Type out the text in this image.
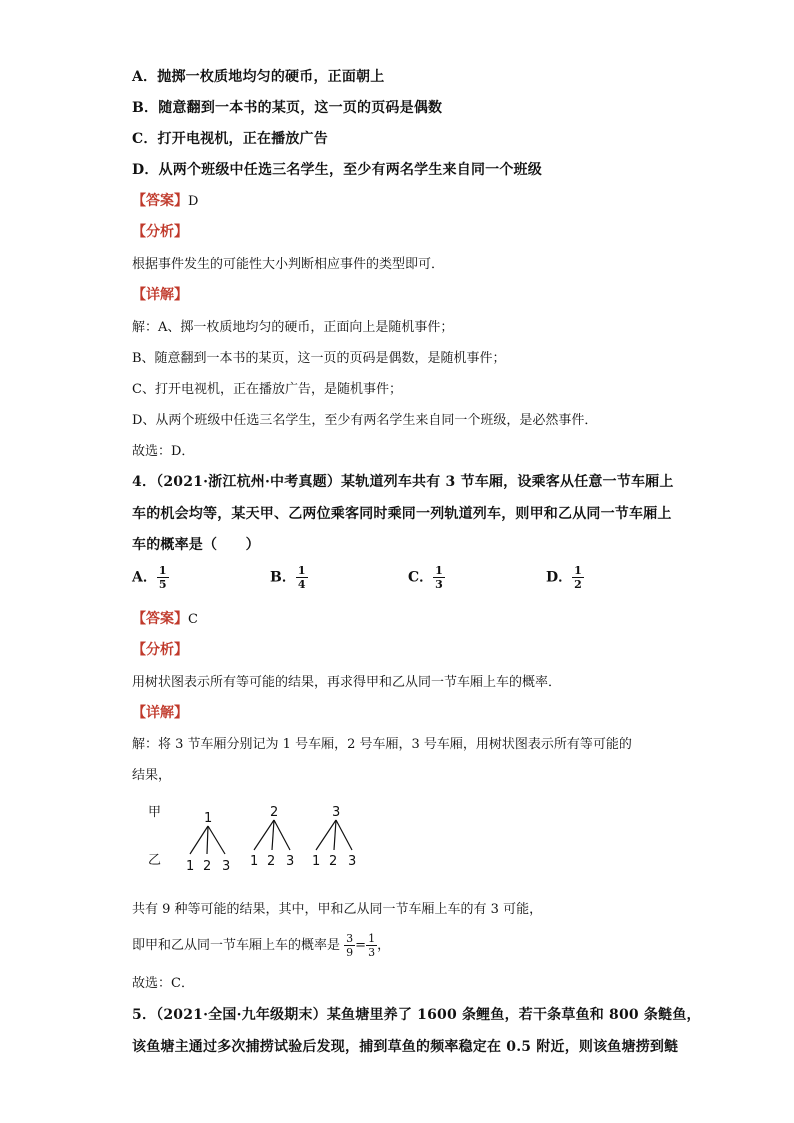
A．抛掷一枚质地均匀的硬币，正面朝上
B．随意翻到一本书的某页，这一页的页码是偶数
C．打开电视机，正在播放广告
D．从两个班级中任选三名学生，至少有两名学生来自同一个班级
【答案】D
【分析】
根据事件发生的可能性大小判断相应事件的类型即可．
【详解】
解：A、掷一枚质地均匀的硬币，正面向上是随机事件；
B、随意翻到一本书的某页，这一页的页码是偶数，是随机事件；
C、打开电视机，正在播放广告，是随机事件；
D、从两个班级中任选三名学生，至少有两名学生来自同一个班级，是必然事件．
故选：D．
4．（2021·浙江杭州·中考真题）某轨道列车共有 3 节车厢，设乘客从任意一节车厢上
车的机会均等，某天甲、乙两位乘客同时乘同一列轨道列车，则甲和乙从同一节车厢上
车的概率是（　　）
A． $\frac{1}{5}$	B． $\frac{1}{4}$	C． $\frac{1}{3}$	D． $\frac{1}{2}$
【答案】C
【分析】
用树状图表示所有等可能的结果，再求得甲和乙从同一节车厢上车的概率．
【详解】
解：将 3 节车厢分别记为 1 号车厢，2 号车厢，3 号车厢，用树状图表示所有等可能的
结果，
甲
乙
1
1 2 3
2
1 2 3
3
1 2 3
共有 9 种等可能的结果，其中，甲和乙从同一节车厢上车的有 3 可能，
即甲和乙从同一节车厢上车的概率是 $\frac{3}{9} = \frac{1}{3}$ ，
故选：C．
5．（2021·全国·九年级期末）某鱼塘里养了 1600 条鲤鱼，若干条草鱼和 800 条鲢鱼，
该鱼塘主通过多次捕捞试验后发现，捕到草鱼的频率稳定在 0.5 附近，则该鱼塘捞到鲢
